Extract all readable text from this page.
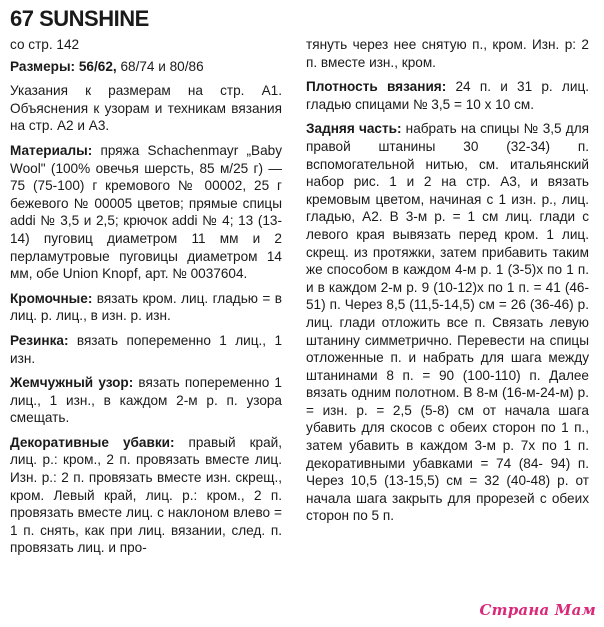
67 SUNSHINE

со стр. 142

Размеры: 56/62, 68/74 и 80/86

Указания к размерам на стр. А1. Объяснения к узорам и техникам вязания на стр. А2 и А3.

Материалы: пряжа Schachenmayr „Baby Wool" (100% овечья шерсть, 85 м/25 г) — 75 (75-100) г кремового № 00002, 25 г бежевого № 00005 цветов; прямые спицы addi № 3,5 и 2,5; крючок addi № 4; 13 (13-14) пуговиц диаметром 11 мм и 2 перламутровые пуговицы диаметром 14 мм, обе Union Knopf, арт. № 0037604.

Кромочные: вязать кром. лиц. гладью = в лиц. р. лиц., в изн. р. изн.

Резинка: вязать попеременно 1 лиц., 1 изн.

Жемчужный узор: вязать попеременно 1 лиц., 1 изн., в каждом 2-м р. п. узора смещать.

Декоративные убавки: правый край, лиц. р.: кром., 2 п. провязать вместе лиц. Изн. р.: 2 п. провязать вместе изн. скрещ., кром. Левый край, лиц. р.: кром., 2 п. провязать вместе лиц. с наклоном влево = 1 п. снять, как при лиц. вязании, след. п. провязать лиц. и про-

тянуть через нее снятую п., кром. Изн. р: 2 п. вместе изн., кром.

Плотность вязания: 24 п. и 31 р. лиц. гладью спицами № 3,5 = 10 х 10 см.

Задняя часть: набрать на спицы № 3,5 для правой штанины 30 (32-34) п. вспомогательной нитью, см. итальянский набор рис. 1 и 2 на стр. А3, и вязать кремовым цветом, начиная с 1 изн. р., лиц. гладью, А2. В 3-м р. = 1 см лиц. глади с левого края вывязать перед кром. 1 лиц. скрещ. из протяжки, затем прибавить таким же способом в каждом 4-м р. 1 (3-5)х по 1 п. и в каждом 2-м р. 9 (10-12)х по 1 п. = 41 (46-51) п. Через 8,5 (11,5-14,5) см = 26 (36-46) р. лиц. глади отложить все п. Связать левую штанину симметрично. Перевести на спицы отложенные п. и набрать для шага между штанинами 8 п. = 90 (100-110) п. Далее вязать одним полотном. В 8-м (16-м-24-м) р. = изн. р. = 2,5 (5-8) см от начала шага убавить для скосов с обеих сторон по 1 п., затем убавить в каждом 3-м р. 7х по 1 п. декоративными убавками = 74 (84- 94) п. Через 10,5 (13-15,5) см = 32 (40-48) р. от начала шага закрыть для прорезей с обеих сторон по 5 п.

Страна Мам
